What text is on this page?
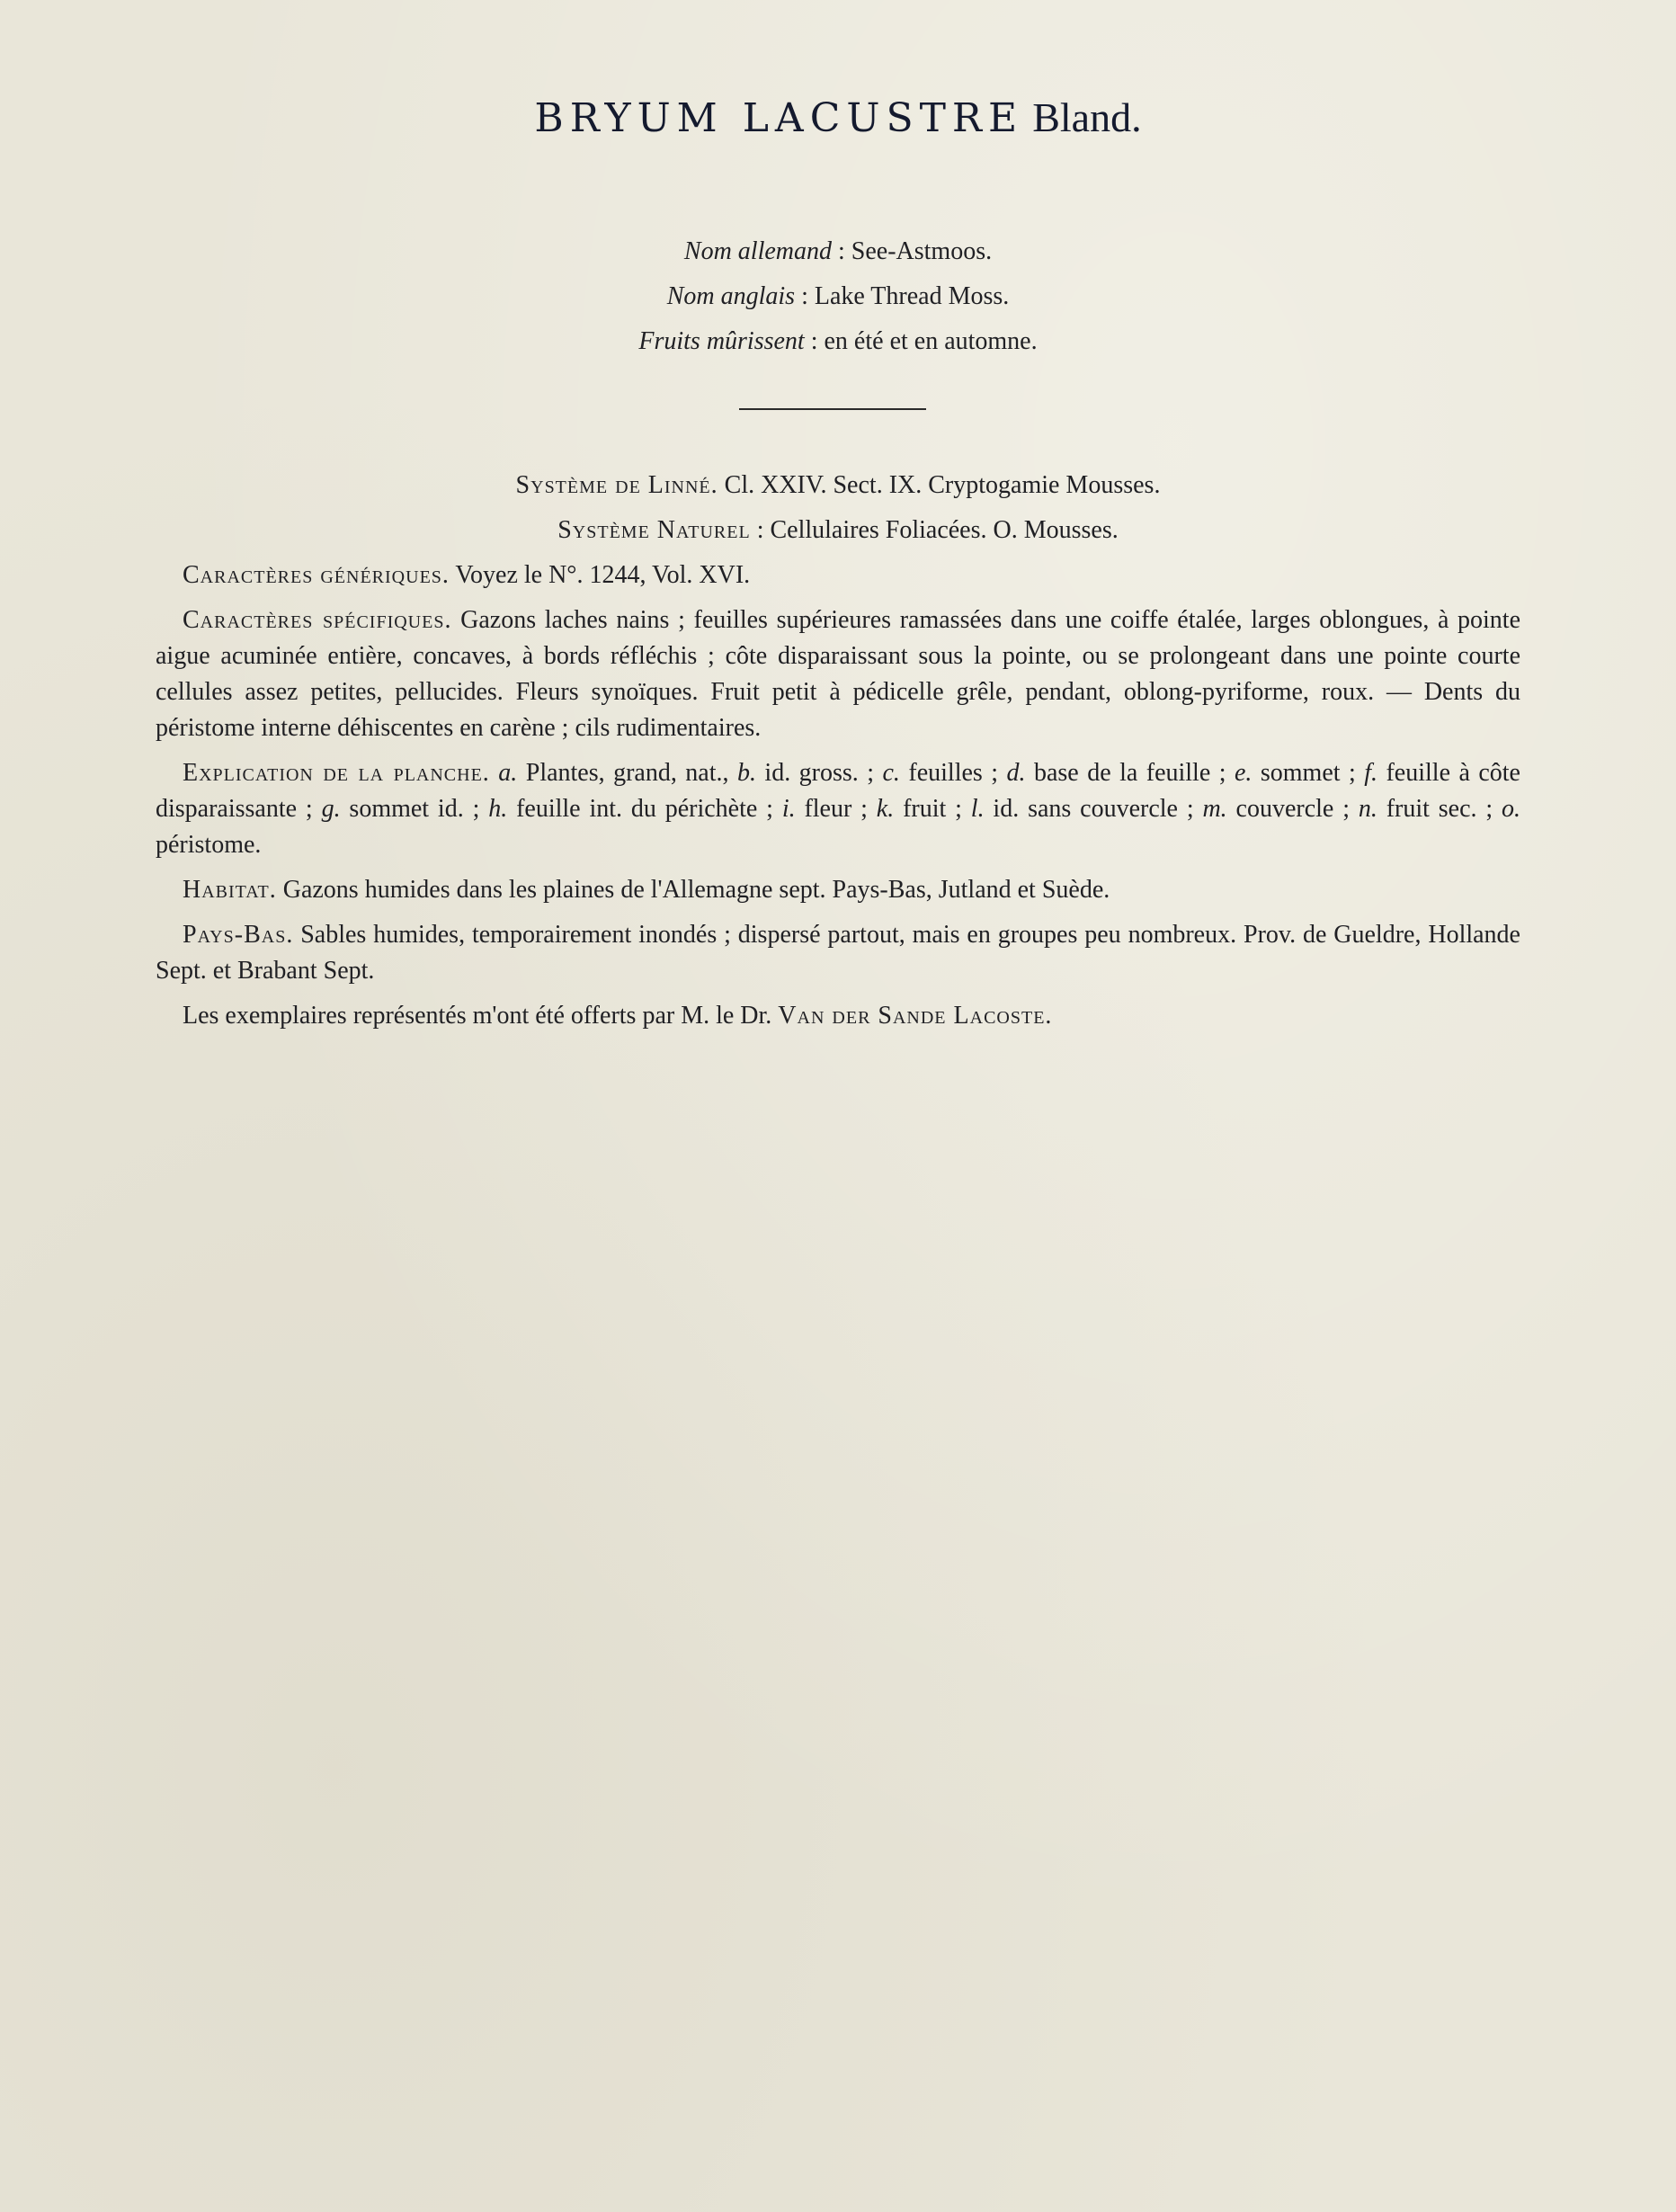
BRYUM LACUSTRE Bland.
Nom allemand : See-Astmoos.
Nom anglais : Lake Thread Moss.
Fruits mûrissent : en été et en automne.
Système de Linné. Cl. XXIV. Sect. IX. Cryptogamie Mousses.
Système Naturel : Cellulaires Foliacées. O. Mousses.

Caractères génériques. Voyez le N°. 1244, Vol. XVI.

Caractères spécifiques. Gazons laches nains ; feuilles supérieures ramassées dans une coiffe étalée, larges oblongues, à pointe aigue acuminée entière, concaves, à bords réfléchis ; côte disparaissant sous la pointe, ou se prolongeant dans une pointe courte cellules assez petites, pellucides. Fleurs synoïques. Fruit petit à pédicelle grêle, pendant, oblong-pyriforme, roux. — Dents du péristome interne déhiscentes en carène ; cils rudimentaires.

Explication de la planche. a. Plantes, grand, nat., b. id. gross. ; c. feuilles ; d. base de la feuille ; e. sommet ; f. feuille à côte disparaissante ; g. sommet id. ; h. feuille int. du périchète ; i. fleur ; k. fruit ; l. id. sans couvercle ; m. couvercle ; n. fruit sec. ; o. péristome.

Habitat. Gazons humides dans les plaines de l'Allemagne sept. Pays-Bas, Jutland et Suède.

Pays-Bas. Sables humides, temporairement inondés ; dispersé partout, mais en groupes peu nombreux. Prov. de Gueldre, Hollande Sept. et Brabant Sept.

Les exemplaires représentés m'ont été offerts par M. le Dr. Van der Sande Lacoste.
